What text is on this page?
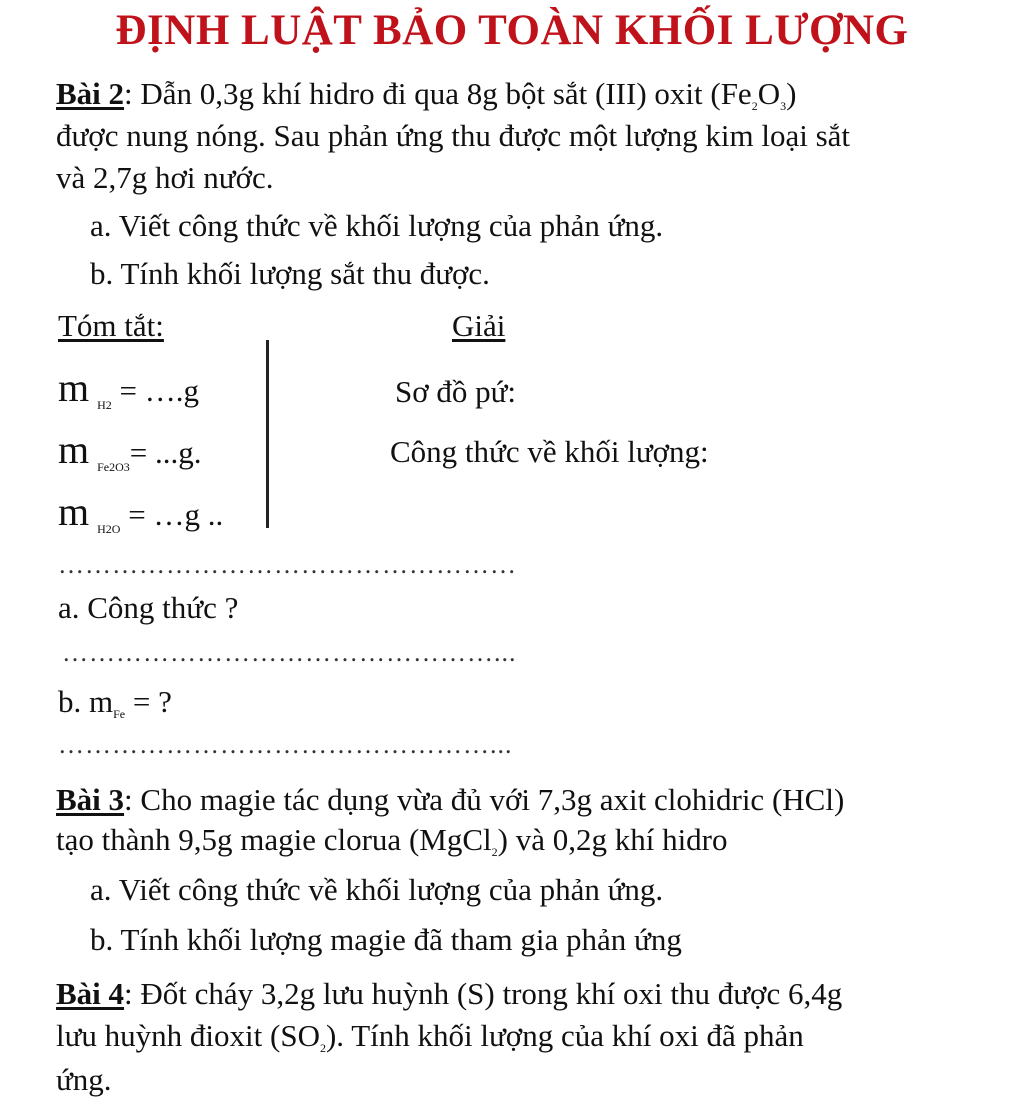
ĐỊNH LUẬT BẢO TOÀN KHỐI LƯỢNG
Bài 2: Dẫn 0,3g khí hidro đi qua 8g bột sắt (III) oxit $(Fe_2O_3)$
được nung nóng. Sau phản ứng thu được một lượng kim loại sắt
và 2,7g hơi nước.
a. Viết công thức về khối lượng của phản ứng.
b. Tính khối lượng sắt thu được.
Tóm tắt:	Giải
m $_{H2}$ = ….g
m $_{Fe2O3}$= ...g.
m $_{H2O}$ = …g ..
Sơ đồ pứ:
Công thức về khối lượng:
……………………………………………
a. Công thức ?
…………………………………………...
b. $m_{Fe}$ = ?
…………………………………………...
Bài 3: Cho magie tác dụng vừa đủ với 7,3g axit clohidric (HCl)
tạo thành 9,5g magie clorua (MgCl$_2$) và 0,2g khí hidro
a. Viết công thức về khối lượng của phản ứng.
b. Tính khối lượng magie đã tham gia phản ứng
Bài 4: Đốt cháy 3,2g lưu huỳnh (S) trong khí oxi thu được 6,4g
lưu huỳnh đioxit $(SO_2)$. Tính khối lượng của khí oxi đã phản
ứng.
